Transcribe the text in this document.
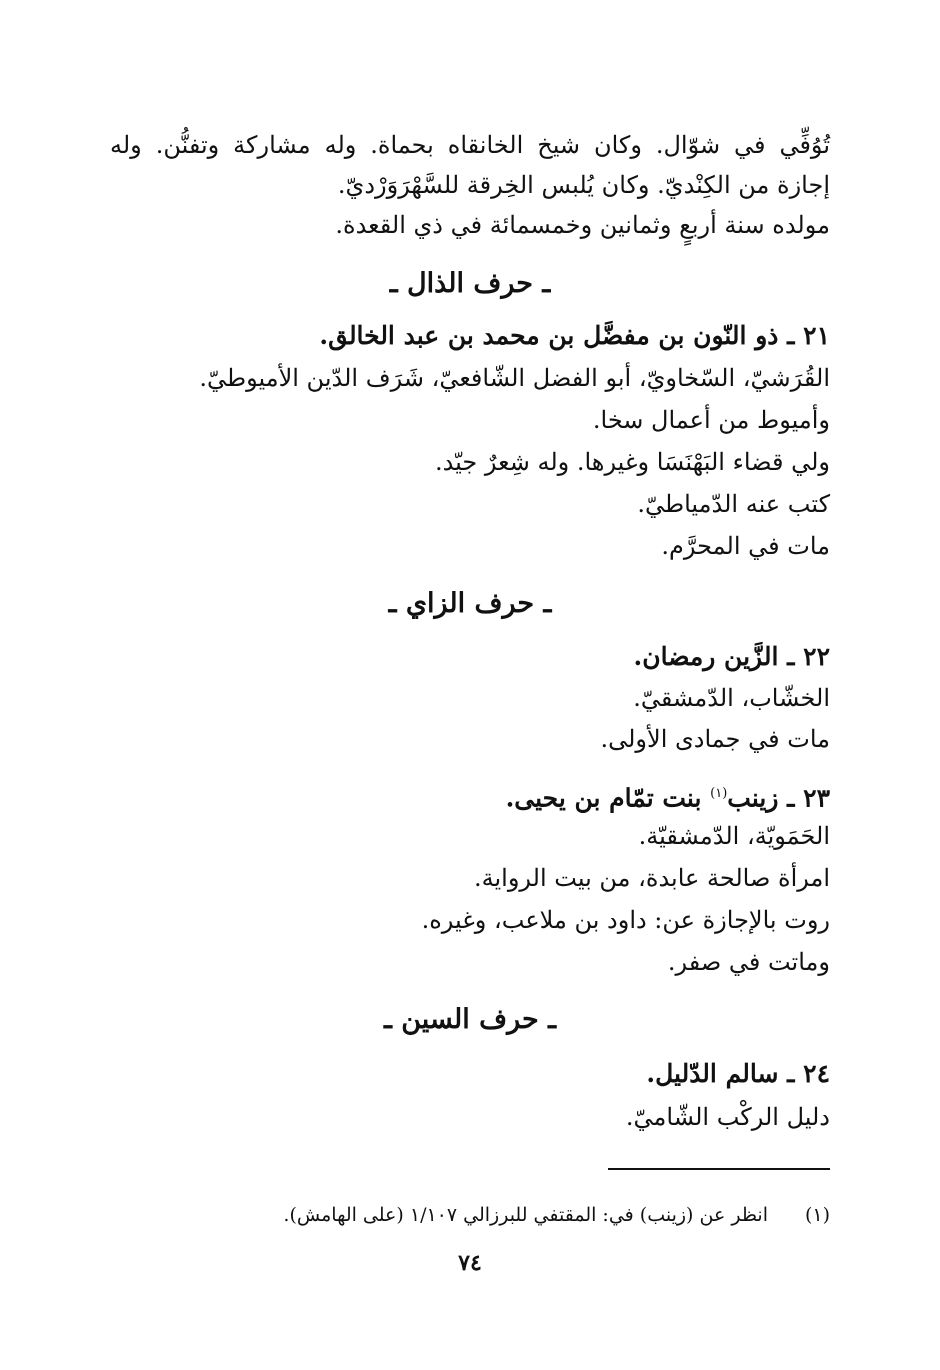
تُوُفِّي في شوّال. وكان شيخ الخانقاه بحماة. وله مشاركة وتفنُّن. وله
إجازة من الكِنْديّ. وكان يُلبس الخِرقة للسَّهْرَوَرْديّ.
مولده سنة أربعٍ وثمانين وخمسمائة في ذي القعدة.
ـ حرف الذال ـ
٢١ ـ ذو النّون بن مفضَّل بن محمد بن عبد الخالق.
القُرَشيّ، السّخاويّ، أبو الفضل الشّافعيّ، شَرَف الدّين الأميوطيّ.
وأميوط من أعمال سخا.
ولي قضاء البَهْنَسَا وغيرها. وله شِعرٌ جيّد.
كتب عنه الدّمياطيّ.
مات في المحرَّم.
ـ حرف الزاي ـ
٢٢ ـ الزَّين رمضان.
الخشّاب، الدّمشقيّ.
مات في جمادى الأولى.
٢٣ ـ زينب$^{(١)}$ بنت تمّام بن يحيى.
الحَمَويّة، الدّمشقيّة.
امرأة صالحة عابدة، من بيت الرواية.
روت بالإجازة عن: داود بن ملاعب، وغيره.
وماتت في صفر.
ـ حرف السين ـ
٢٤ ـ سالم الدّليل.
دليل الركْب الشّاميّ.
(١)انظر عن (زينب) في: المقتفي للبرزالي ١/١٠٧ (على الهامش).
٧٤
